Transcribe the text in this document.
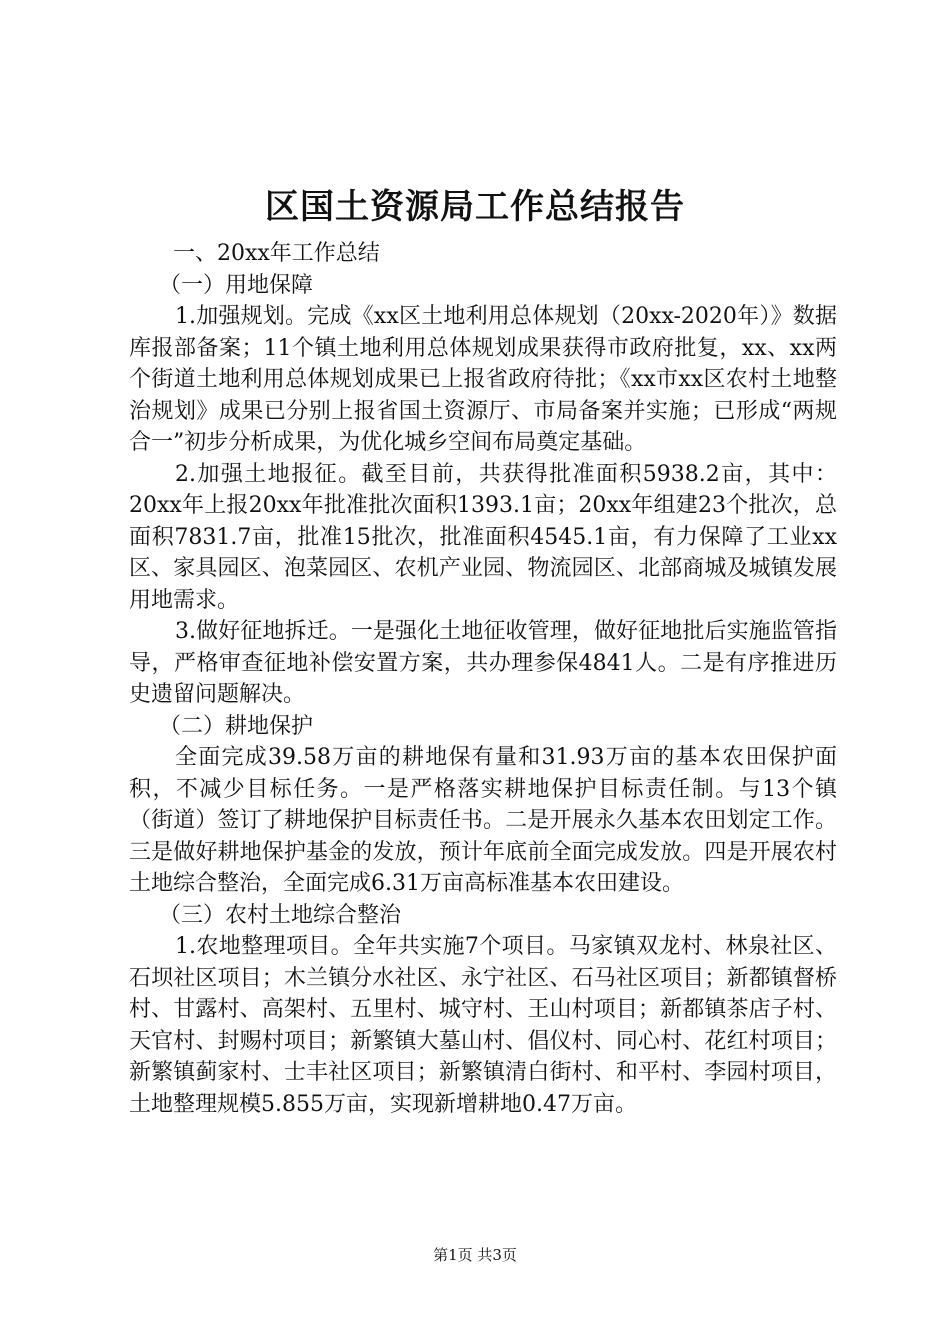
区国土资源局工作总结报告

一、20xx年工作总结

（一）用地保障

1.加强规划。完成《xx区土地利用总体规划（20xx-2020年）》数据库报部备案；11个镇土地利用总体规划成果获得市政府批复，xx、xx两个街道土地利用总体规划成果已上报省政府待批；《xx市xx区农村土地整治规划》成果已分别上报省国土资源厅、市局备案并实施；已形成“两规合一”初步分析成果，为优化城乡空间布局奠定基础。

2.加强土地报征。截至目前，共获得批准面积5938.2亩，其中：20xx年上报20xx年批准批次面积1393.1亩；20xx年组建23个批次，总面积7831.7亩，批准15批次，批准面积4545.1亩，有力保障了工业xx区、家具园区、泡菜园区、农机产业园、物流园区、北部商城及城镇发展用地需求。

3.做好征地拆迁。一是强化土地征收管理，做好征地批后实施监管指导，严格审查征地补偿安置方案，共办理参保4841人。二是有序推进历史遗留问题解决。

（二）耕地保护

全面完成39.58万亩的耕地保有量和31.93万亩的基本农田保护面积，不减少目标任务。一是严格落实耕地保护目标责任制。与13个镇（街道）签订了耕地保护目标责任书。二是开展永久基本农田划定工作。三是做好耕地保护基金的发放，预计年底前全面完成发放。四是开展农村土地综合整治，全面完成6.31万亩高标准基本农田建设。

（三）农村土地综合整治

1.农地整理项目。全年共实施7个项目。马家镇双龙村、林泉社区、石坝社区项目；木兰镇分水社区、永宁社区、石马社区项目；新都镇督桥村、甘露村、高架村、五里村、城守村、王山村项目；新都镇茶店子村、天官村、封赐村项目；新繁镇大墓山村、倡仪村、同心村、花红村项目；新繁镇蓟家村、士丰社区项目；新繁镇清白街村、和平村、李园村项目，土地整理规模5.855万亩，实现新增耕地0.47万亩。

第1页 共3页
